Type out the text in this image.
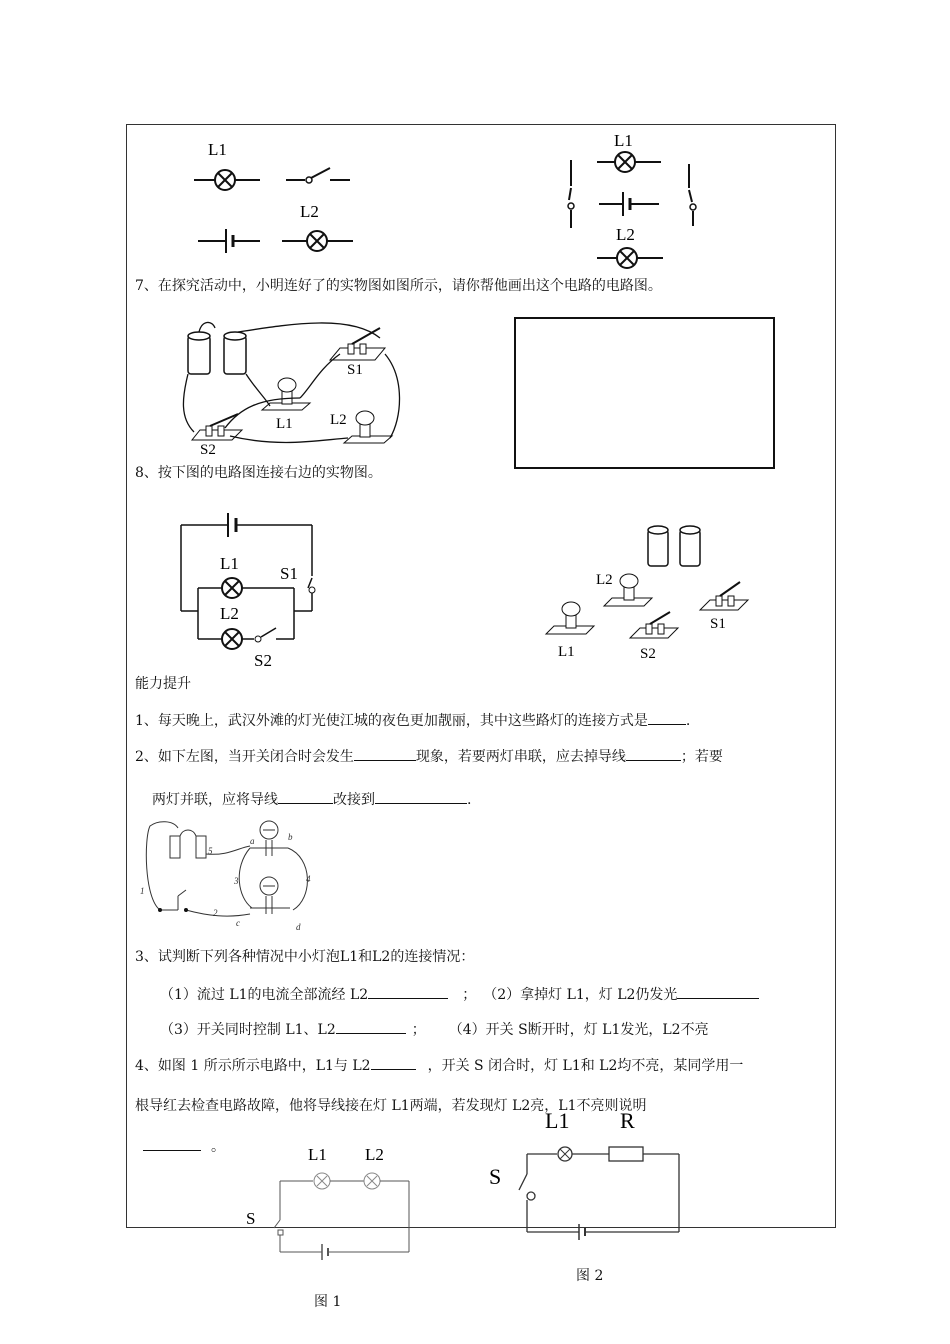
L1
L2
L1
L2
7、在探究活动中，小明连好了的实物图如图所示，请你帮他画出这个电路的电路图。
S1
L1 L2
S2
8、按下图的电路图连接右边的实物图。
L1
L2
S1
S2
L2
S1
L1	S2
能力提升
1、每天晚上，武汉外滩的灯光使江城的夜色更加靓丽，其中这些路灯的连接方式是	.
2、如下左图，当开关闭合时会发生	现象，若要两灯串联，应去掉导线	；若要
两灯并联，应将导线	改接到	.
1
2
3	4
5
a	b
c	d
3、试判断下列各种情况中小灯泡L1和L2的连接情况：
（1）流过 L1的电流全部流经 L2	； （2）拿掉灯 L1，灯 L2仍发光
（3）开关同时控制 L1、L2	； （4）开关 S断开时，灯 L1发光，L2不亮
4、如图 1 所示所示电路中，L1与 L2	，开关 S 闭合时，灯 L1和 L2均不亮，某同学用一
根导红去检查电路故障，他将导线接在灯 L1两端，若发现灯 L2亮，L1不亮则说明
。	L1 L2
S
图 1
L1 R
S
图 2
